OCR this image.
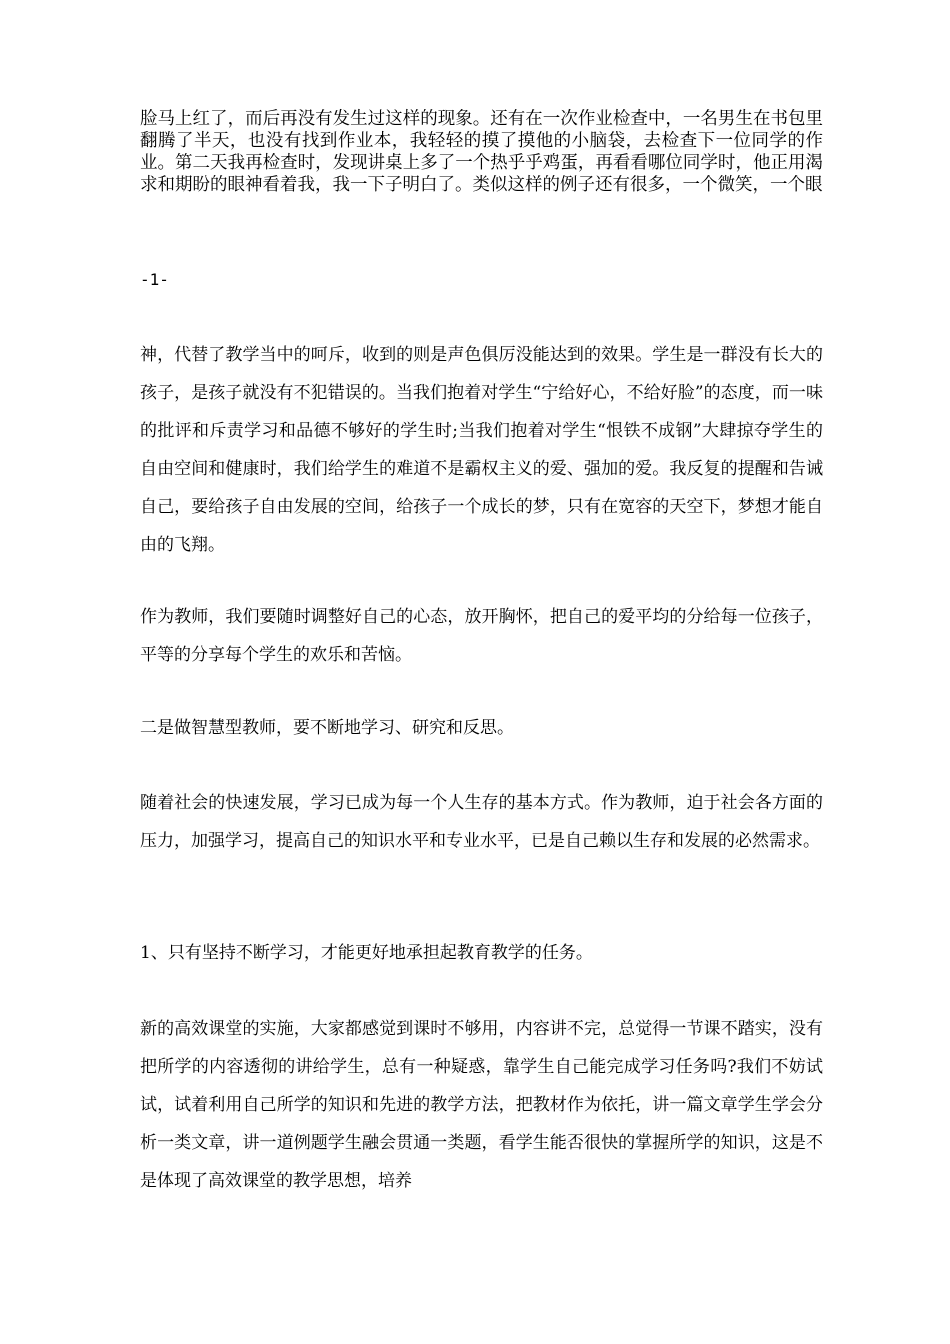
脸马上红了，而后再没有发生过这样的现象。还有在一次作业检查中，一名男生在书包里翻腾了半天，也没有找到作业本，我轻轻的摸了摸他的小脑袋，去检查下一位同学的作业。第二天我再检查时，发现讲桌上多了一个热乎乎鸡蛋，再看看哪位同学时，他正用渴求和期盼的眼神看着我，我一下子明白了。类似这样的例子还有很多，一个微笑，一个眼

-1-

神，代替了教学当中的呵斥，收到的则是声色俱厉没能达到的效果。学生是一群没有长大的孩子，是孩子就没有不犯错误的。当我们抱着对学生“宁给好心，不给好脸”的态度，而一味的批评和斥责学习和品德不够好的学生时;当我们抱着对学生“恨铁不成钢”大肆掠夺学生的自由空间和健康时，我们给学生的难道不是霸权主义的爱、强加的爱。我反复的提醒和告诫自己，要给孩子自由发展的空间，给孩子一个成长的梦，只有在宽容的天空下，梦想才能自由的飞翔。

作为教师，我们要随时调整好自己的心态，放开胸怀，把自己的爱平均的分给每一位孩子，平等的分享每个学生的欢乐和苦恼。

二是做智慧型教师，要不断地学习、研究和反思。

随着社会的快速发展，学习已成为每一个人生存的基本方式。作为教师，迫于社会各方面的压力，加强学习，提高自己的知识水平和专业水平，已是自己赖以生存和发展的必然需求。

1、只有坚持不断学习，才能更好地承担起教育教学的任务。

新的高效课堂的实施，大家都感觉到课时不够用，内容讲不完，总觉得一节课不踏实，没有把所学的内容透彻的讲给学生，总有一种疑惑，靠学生自己能完成学习任务吗?我们不妨试试，试着利用自己所学的知识和先进的教学方法，把教材作为依托，讲一篇文章学生学会分析一类文章，讲一道例题学生融会贯通一类题，看学生能否很快的掌握所学的知识，这是不是体现了高效课堂的教学思想，培养
